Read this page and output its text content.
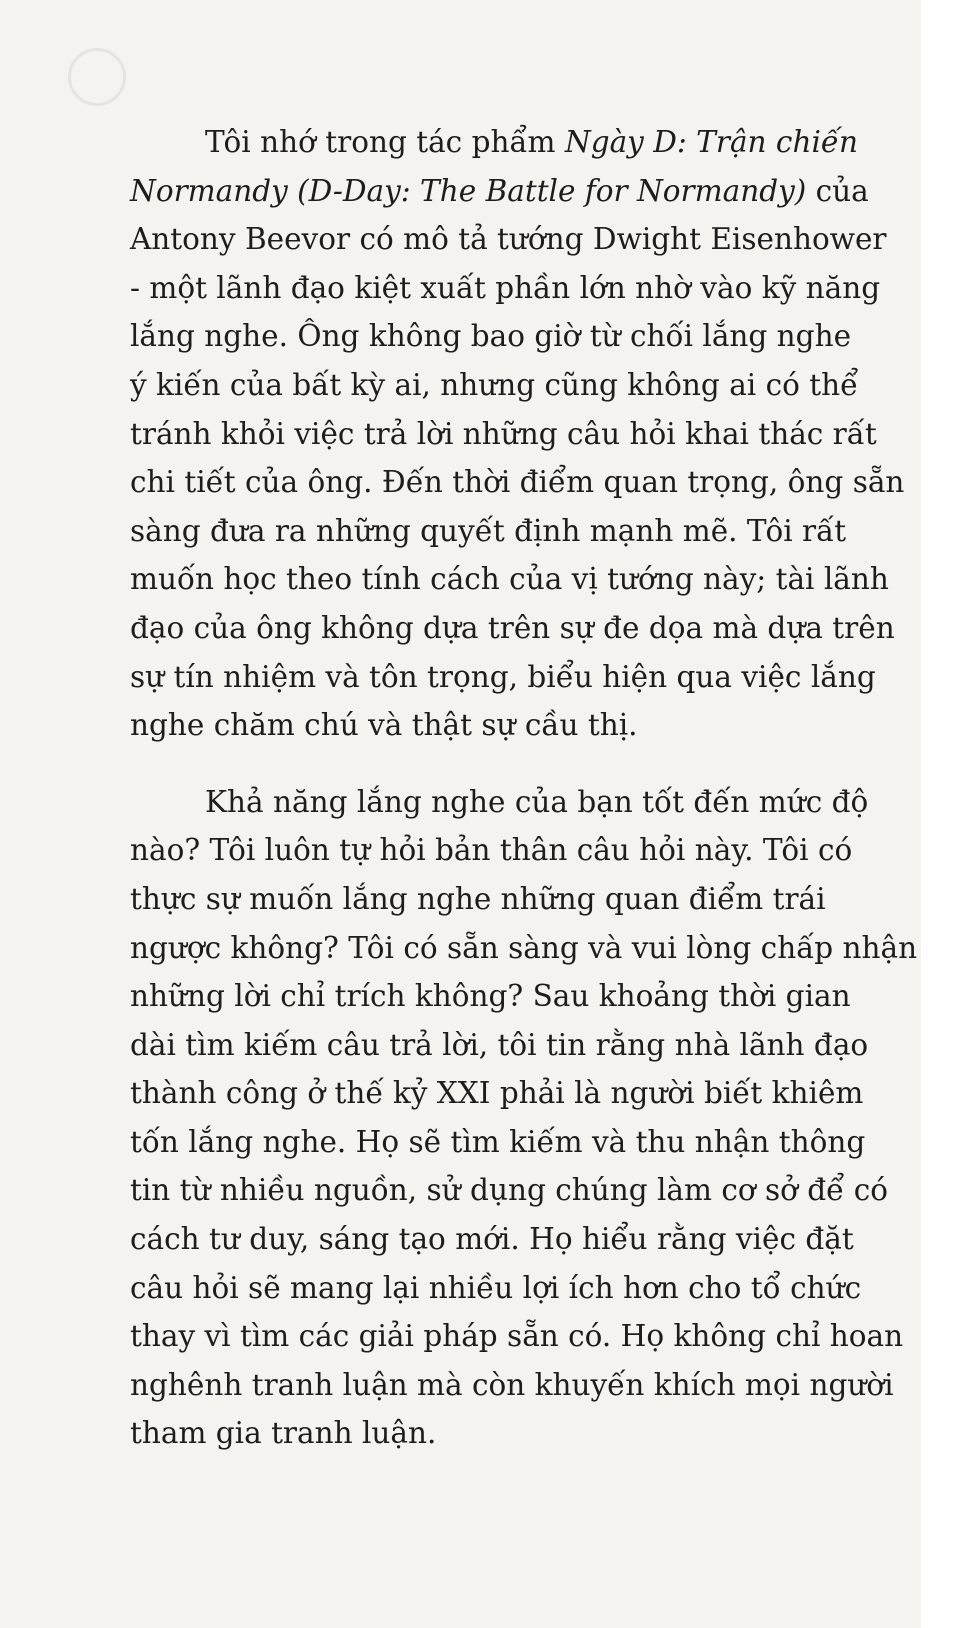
Tôi nhớ trong tác phẩm Ngày D: Trận chiến
Normandy (D-Day: The Battle for Normandy) của
Antony Beevor có mô tả tướng Dwight Eisenhower
- một lãnh đạo kiệt xuất phần lớn nhờ vào kỹ năng
lắng nghe. Ông không bao giờ từ chối lắng nghe
ý kiến của bất kỳ ai, nhưng cũng không ai có thể
tránh khỏi việc trả lời những câu hỏi khai thác rất
chi tiết của ông. Đến thời điểm quan trọng, ông sẵn
sàng đưa ra những quyết định mạnh mẽ. Tôi rất
muốn học theo tính cách của vị tướng này; tài lãnh
đạo của ông không dựa trên sự đe dọa mà dựa trên
sự tín nhiệm và tôn trọng, biểu hiện qua việc lắng
nghe chăm chú và thật sự cầu thị.

Khả năng lắng nghe của bạn tốt đến mức độ
nào? Tôi luôn tự hỏi bản thân câu hỏi này. Tôi có
thực sự muốn lắng nghe những quan điểm trái
ngược không? Tôi có sẵn sàng và vui lòng chấp nhận
những lời chỉ trích không? Sau khoảng thời gian
dài tìm kiếm câu trả lời, tôi tin rằng nhà lãnh đạo
thành công ở thế kỷ XXI phải là người biết khiêm
tốn lắng nghe. Họ sẽ tìm kiếm và thu nhận thông
tin từ nhiều nguồn, sử dụng chúng làm cơ sở để có
cách tư duy, sáng tạo mới. Họ hiểu rằng việc đặt
câu hỏi sẽ mang lại nhiều lợi ích hơn cho tổ chức
thay vì tìm các giải pháp sẵn có. Họ không chỉ hoan
nghênh tranh luận mà còn khuyến khích mọi người
tham gia tranh luận.
